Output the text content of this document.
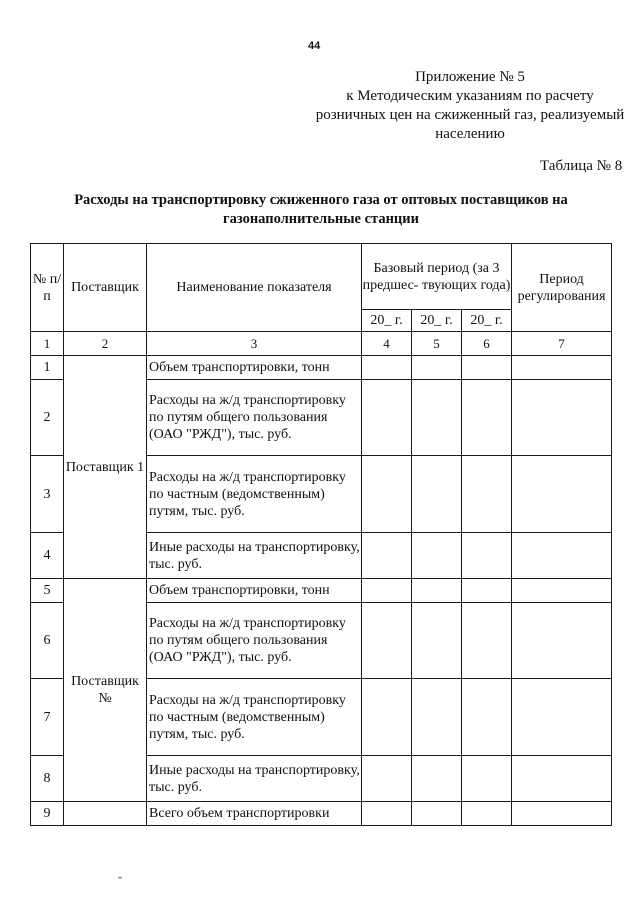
44
Приложение № 5
к Методическим указаниям по расчету
розничных цен на сжиженный газ, реализуемый
населению
Таблица № 8
Расходы на транспортировку сжиженного газа от оптовых поставщиков на газонаполнительные станции
№ п/п	Поставщик	Наименование показателя	Базовый период (за 3 предшес- твующих года)			Период регулирования
			20_ г.	20_ г.	20_ г.	
1	2	3	4	5	6	7
1	Поставщик 1	Объем транспортировки, тонн				
2		Расходы на ж/д транспортировку по путям общего пользования (ОАО "РЖД"), тыс. руб.				
3		Расходы на ж/д транспортировку по частным (ведомственным) путям, тыс. руб.				
4		Иные расходы на транспортировку, тыс. руб.				
5	Поставщик №	Объем транспортировки, тонн				
6		Расходы на ж/д транспортировку по путям общего пользования (ОАО "РЖД"), тыс. руб.				
7		Расходы на ж/д транспортировку по частным (ведомственным) путям, тыс. руб.				
8		Иные расходы на транспортировку, тыс. руб.				
9		Всего объем транспортировки				
ˇ
